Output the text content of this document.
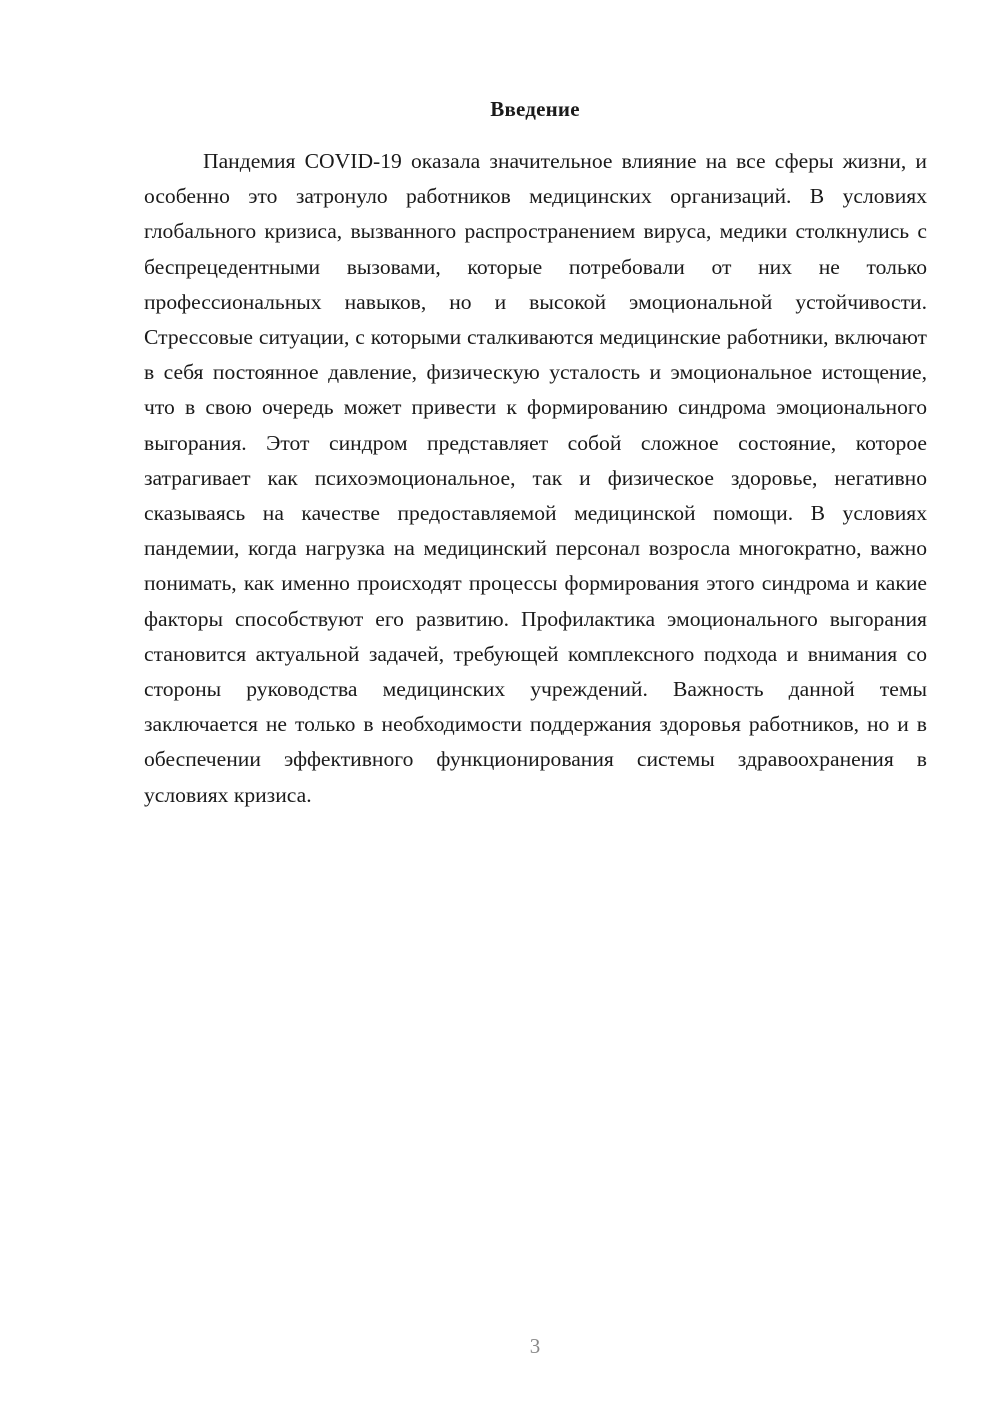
Введение

Пандемия COVID-19 оказала значительное влияние на все сферы жизни, и особенно это затронуло работников медицинских организаций. В условиях глобального кризиса, вызванного распространением вируса, медики столкнулись с беспрецедентными вызовами, которые потребовали от них не только профессиональных навыков, но и высокой эмоциональной устойчивости. Стрессовые ситуации, с которыми сталкиваются медицинские работники, включают в себя постоянное давление, физическую усталость и эмоциональное истощение, что в свою очередь может привести к формированию синдрома эмоционального выгорания. Этот синдром представляет собой сложное состояние, которое затрагивает как психоэмоциональное, так и физическое здоровье, негативно сказываясь на качестве предоставляемой медицинской помощи. В условиях пандемии, когда нагрузка на медицинский персонал возросла многократно, важно понимать, как именно происходят процессы формирования этого синдрома и какие факторы способствуют его развитию. Профилактика эмоционального выгорания становится актуальной задачей, требующей комплексного подхода и внимания со стороны руководства медицинских учреждений. Важность данной темы заключается не только в необходимости поддержания здоровья работников, но и в обеспечении эффективного функционирования системы здравоохранения в условиях кризиса.

3
